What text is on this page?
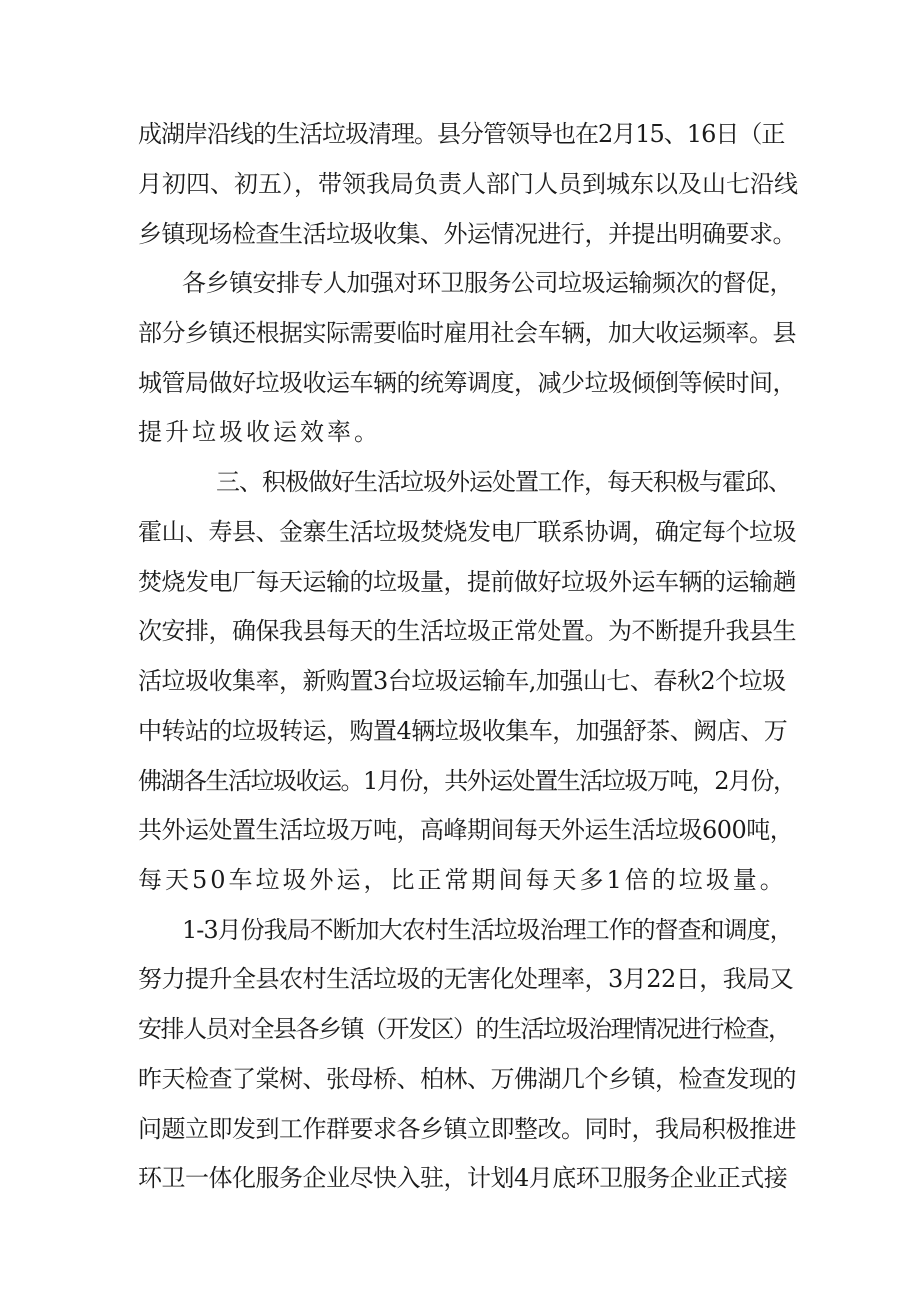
成湖岸沿线的生活垃圾清理。县分管领导也在2月15、16日（正
月初四、初五），带领我局负责人部门人员到城东以及山七沿线
乡镇现场检查生活垃圾收集、外运情况进行，并提出明确要求。
各乡镇安排专人加强对环卫服务公司垃圾运输频次的督促，
部分乡镇还根据实际需要临时雇用社会车辆，加大收运频率。县
城管局做好垃圾收运车辆的统筹调度，减少垃圾倾倒等候时间，
提升垃圾收运效率。
三、积极做好生活垃圾外运处置工作，每天积极与霍邱、
霍山、寿县、金寨生活垃圾焚烧发电厂联系协调，确定每个垃圾
焚烧发电厂每天运输的垃圾量，提前做好垃圾外运车辆的运输趟
次安排，确保我县每天的生活垃圾正常处置。为不断提升我县生
活垃圾收集率，新购置3台垃圾运输车,加强山七、春秋2个垃圾
中转站的垃圾转运，购置4辆垃圾收集车，加强舒茶、阙店、万
佛湖各生活垃圾收运。1月份，共外运处置生活垃圾万吨，2月份，
共外运处置生活垃圾万吨，高峰期间每天外运生活垃圾600吨，
每天50车垃圾外运，比正常期间每天多1倍的垃圾量。
1-3月份我局不断加大农村生活垃圾治理工作的督查和调度，
努力提升全县农村生活垃圾的无害化处理率，3月22日，我局又
安排人员对全县各乡镇（开发区）的生活垃圾治理情况进行检查，
昨天检查了棠树、张母桥、柏林、万佛湖几个乡镇，检查发现的
问题立即发到工作群要求各乡镇立即整改。同时，我局积极推进
环卫一体化服务企业尽快入驻，计划4月底环卫服务企业正式接
